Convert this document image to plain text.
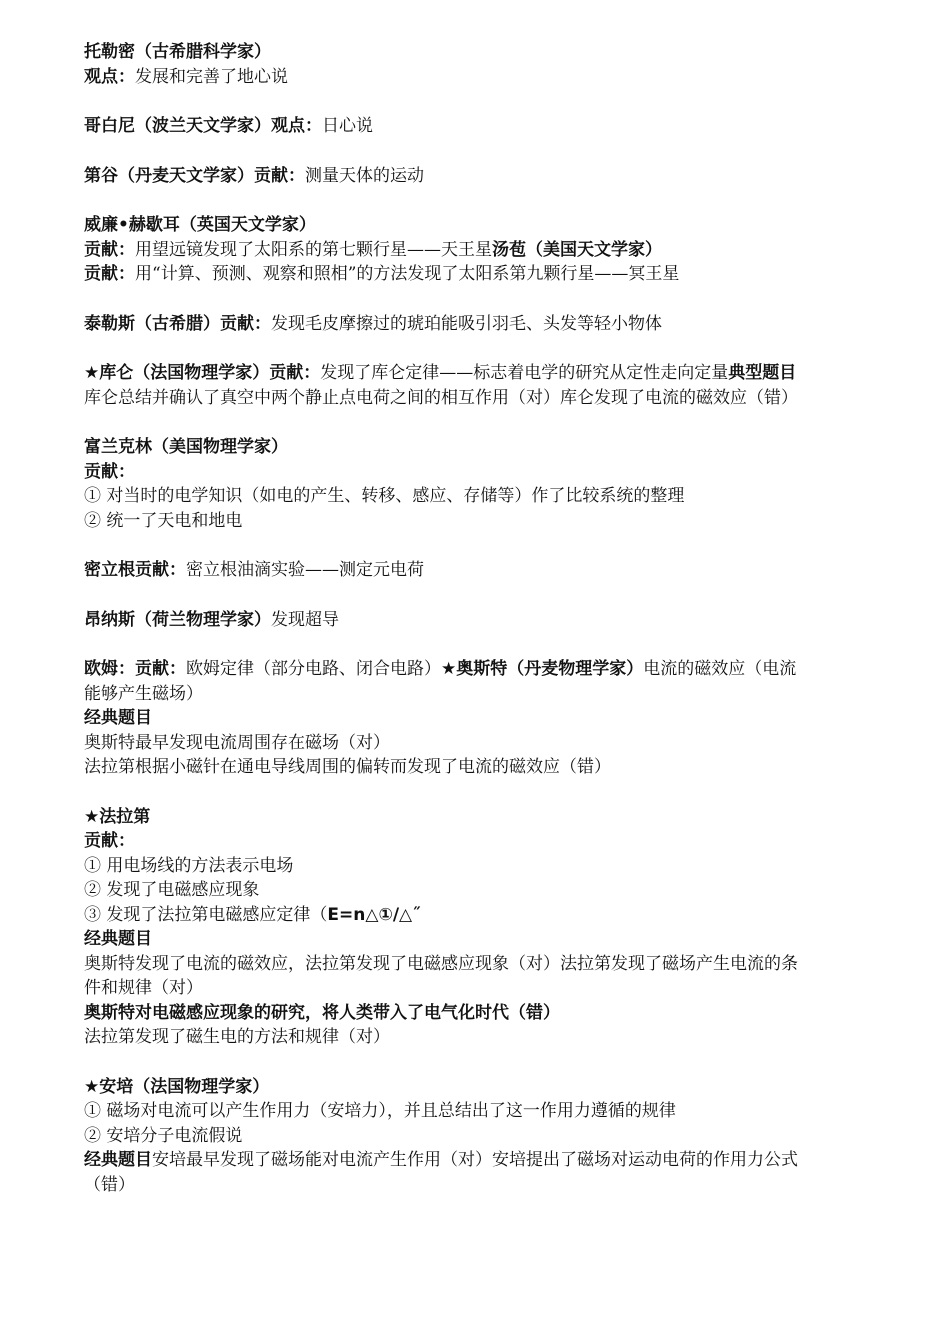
托勒密（古希腊科学家）

观点：发展和完善了地心说

哥白尼（波兰天文学家）观点：日心说

第谷（丹麦天文学家）贡献：测量天体的运动

威廉•赫歇耳（英国天文学家）

贡献：用望远镜发现了太阳系的第七颗行星——天王星汤苞（美国天文学家）

贡献：用“计算、预测、观察和照相”的方法发现了太阳系第九颗行星——冥王星

泰勒斯（古希腊）贡献：发现毛皮摩擦过的琥珀能吸引羽毛、头发等轻小物体

★库仑（法国物理学家）贡献：发现了库仑定律——标志着电学的研究从定性走向定量典型题目

库仑总结并确认了真空中两个静止点电荷之间的相互作用（对）库仑发现了电流的磁效应（错）

富兰克林（美国物理学家）

贡献：

① 对当时的电学知识（如电的产生、转移、感应、存储等）作了比较系统的整理

② 统一了天电和地电

密立根贡献：密立根油滴实验——测定元电荷

昂纳斯（荷兰物理学家）发现超导

欧姆：贡献：欧姆定律（部分电路、闭合电路）★奥斯特（丹麦物理学家）电流的磁效应（电流

能够产生磁场）

经典题目

奥斯特最早发现电流周围存在磁场（对）

法拉第根据小磁针在通电导线周围的偏转而发现了电流的磁效应（错）

★法拉第

贡献：

① 用电场线的方法表示电场

② 发现了电磁感应现象

③ 发现了法拉第电磁感应定律（E=n△①/△˝

经典题目

奥斯特发现了电流的磁效应，法拉第发现了电磁感应现象（对）法拉第发现了磁场产生电流的条

件和规律（对）

奥斯特对电磁感应现象的研究，将人类带入了电气化时代（错）

法拉第发现了磁生电的方法和规律（对）

★安培（法国物理学家）

① 磁场对电流可以产生作用力（安培力），并且总结出了这一作用力遵循的规律

② 安培分子电流假说

经典题目安培最早发现了磁场能对电流产生作用（对）安培提出了磁场对运动电荷的作用力公式

（错）
